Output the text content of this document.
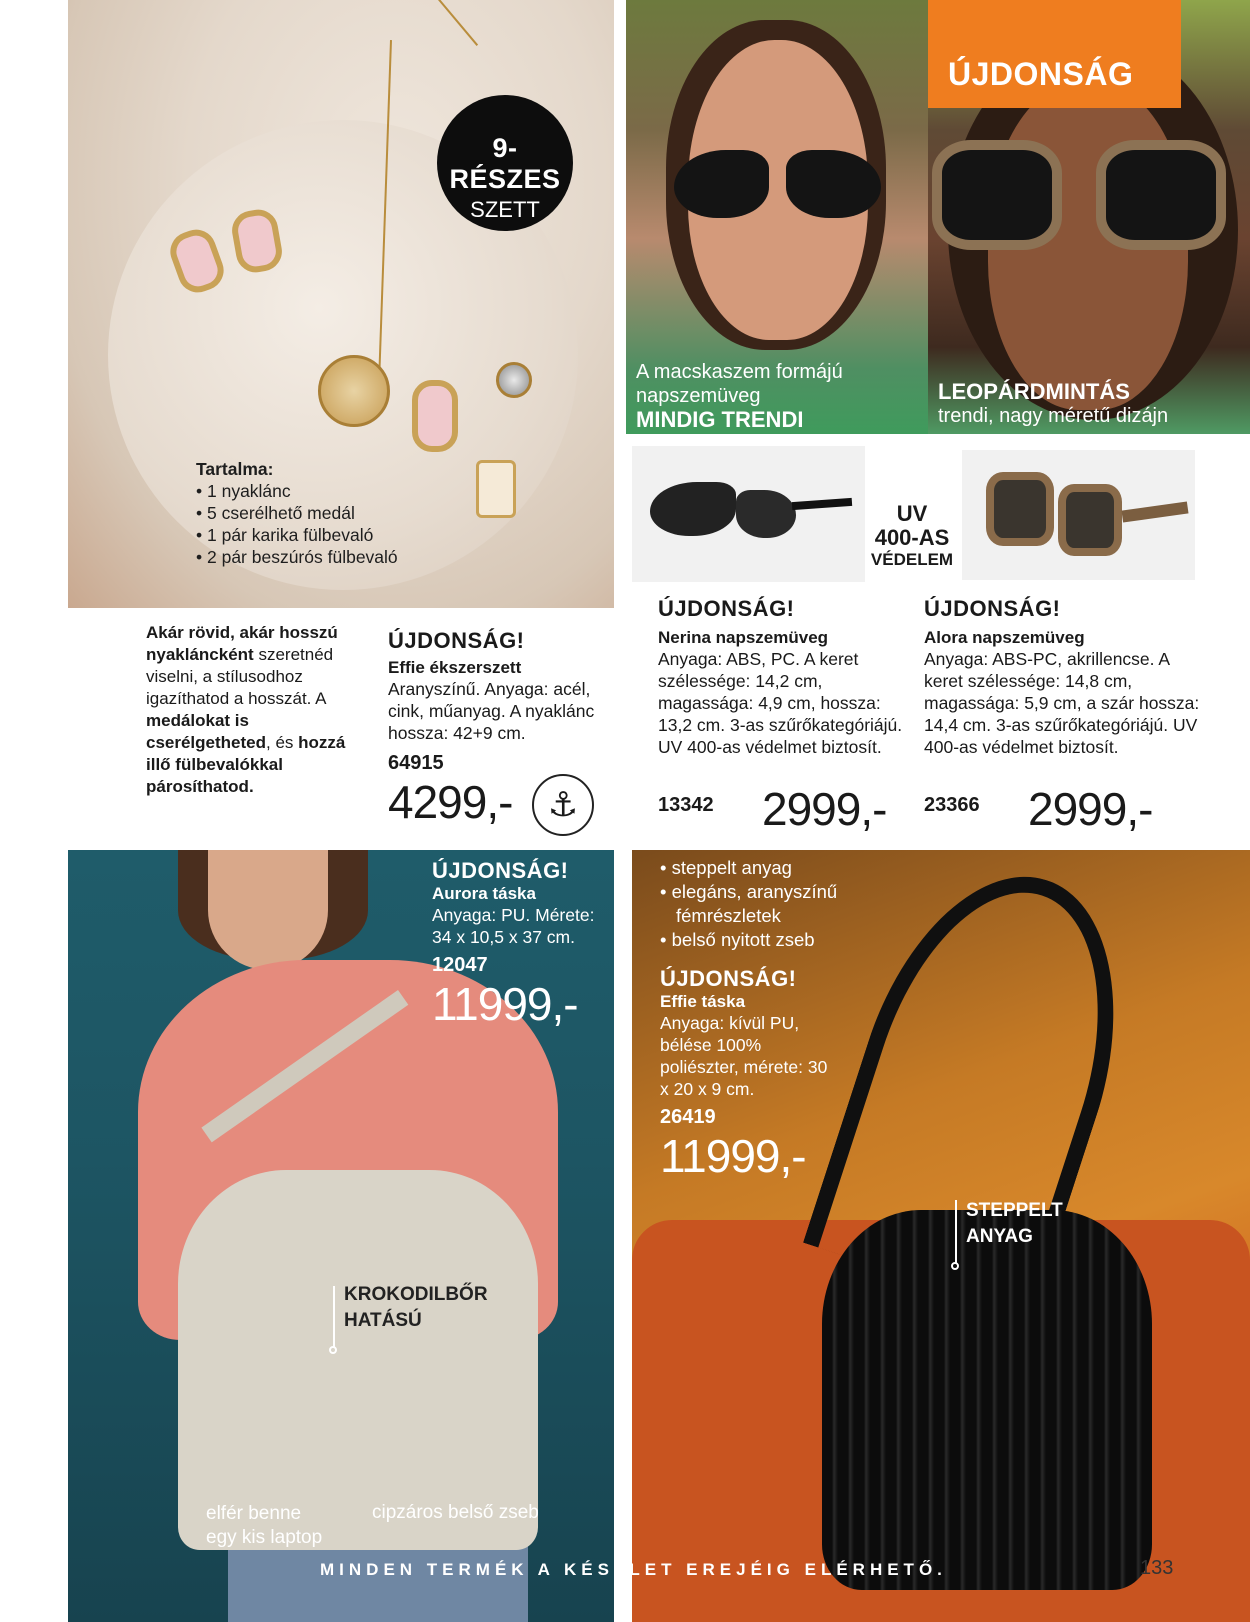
9-RÉSZES
SZETT
Tartalma:
• 1 nyaklánc
• 5 cserélhető medál
• 1 pár karika fülbevaló
• 2 pár beszúrós fülbevaló
ÚJDONSÁG
A macskaszem formájú
napszemüveg
MINDIG TRENDI
LEOPÁRDMINTÁS
trendi, nagy méretű dizájn
UV
400-AS
VÉDELEM
Akár rövid, akár hosszú nyakláncként szeretnéd viselni, a stílusodhoz igazíthatod a hosszát. A medálokat is cserélgetheted, és hozzá illő fülbevalókkal párosíthatod.
ÚJDONSÁG!
Effie ékszerszett
Aranyszínű. Anyaga: acél, cink, műanyag. A nyaklánc hossza: 42+9 cm.
64915
4299,-	⚓
ÚJDONSÁG!
Nerina napszemüveg
Anyaga: ABS, PC. A keret szélessége: 14,2 cm, magassága: 4,9 cm, hossza: 13,2 cm. 3-as szűrőkategóriájú. UV 400-as védelmet biztosít.
13342 2999,-
ÚJDONSÁG!
Alora napszemüveg
Anyaga: ABS-PC, akrillencse. A keret szélessége: 14,8 cm, magassága: 5,9 cm, a szár hossza: 14,4 cm. 3-as szűrőkategóriájú. UV 400-as védelmet biztosít.
23366 2999,-
ÚJDONSÁG!
Aurora táska
Anyaga: PU. Mérete: 34 x 10,5 x 37 cm.
12047
11999,-
KROKODILBŐR
HATÁSÚ
elfér benne
egy kis laptop
cipzáros belső zseb
• steppelt anyag
• elegáns, aranyszínű
fémrészletek
• belső nyitott zseb
ÚJDONSÁG!
Effie táska
Anyaga: kívül PU, bélése 100% poliészter, mérete: 30 x 20 x 9 cm.
26419
11999,-
STEPPELT
ANYAG
MINDEN TERMÉK A KÉSZLET EREJÉIG ELÉRHETŐ.	133
